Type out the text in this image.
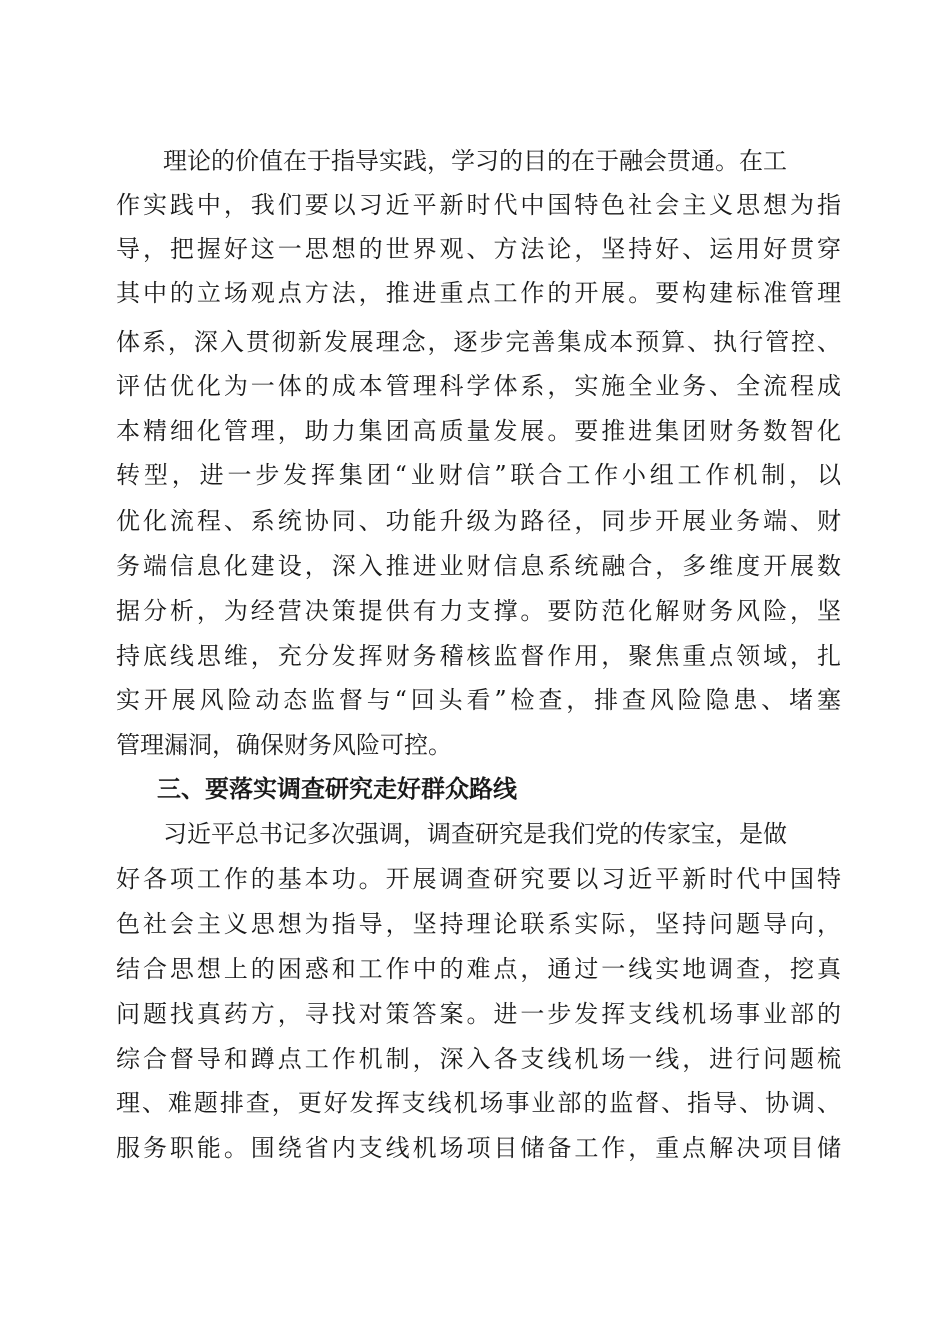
理论的价值在于指导实践，学习的目的在于融会贯通。在工
作实践中，我们要以习近平新时代中国特色社会主义思想为指
导，把握好这一思想的世界观、方法论，坚持好、运用好贯穿
其中的立场观点方法，推进重点工作的开展。要构建标准管理
体系，深入贯彻新发展理念，逐步完善集成本预算、执行管控、
评估优化为一体的成本管理科学体系，实施全业务、全流程成
本精细化管理，助力集团高质量发展。要推进集团财务数智化
转型，进一步发挥集团“业财信”联合工作小组工作机制，以
优化流程、系统协同、功能升级为路径，同步开展业务端、财
务端信息化建设，深入推进业财信息系统融合，多维度开展数
据分析，为经营决策提供有力支撑。要防范化解财务风险，坚
持底线思维，充分发挥财务稽核监督作用，聚焦重点领域，扎
实开展风险动态监督与“回头看”检查，排查风险隐患、堵塞
管理漏洞，确保财务风险可控。
三、要落实调查研究走好群众路线
习近平总书记多次强调，调查研究是我们党的传家宝，是做
好各项工作的基本功。开展调查研究要以习近平新时代中国特
色社会主义思想为指导，坚持理论联系实际，坚持问题导向，
结合思想上的困惑和工作中的难点，通过一线实地调查，挖真
问题找真药方，寻找对策答案。进一步发挥支线机场事业部的
综合督导和蹲点工作机制，深入各支线机场一线，进行问题梳
理、难题排查，更好发挥支线机场事业部的监督、指导、协调、
服务职能。围绕省内支线机场项目储备工作，重点解决项目储
